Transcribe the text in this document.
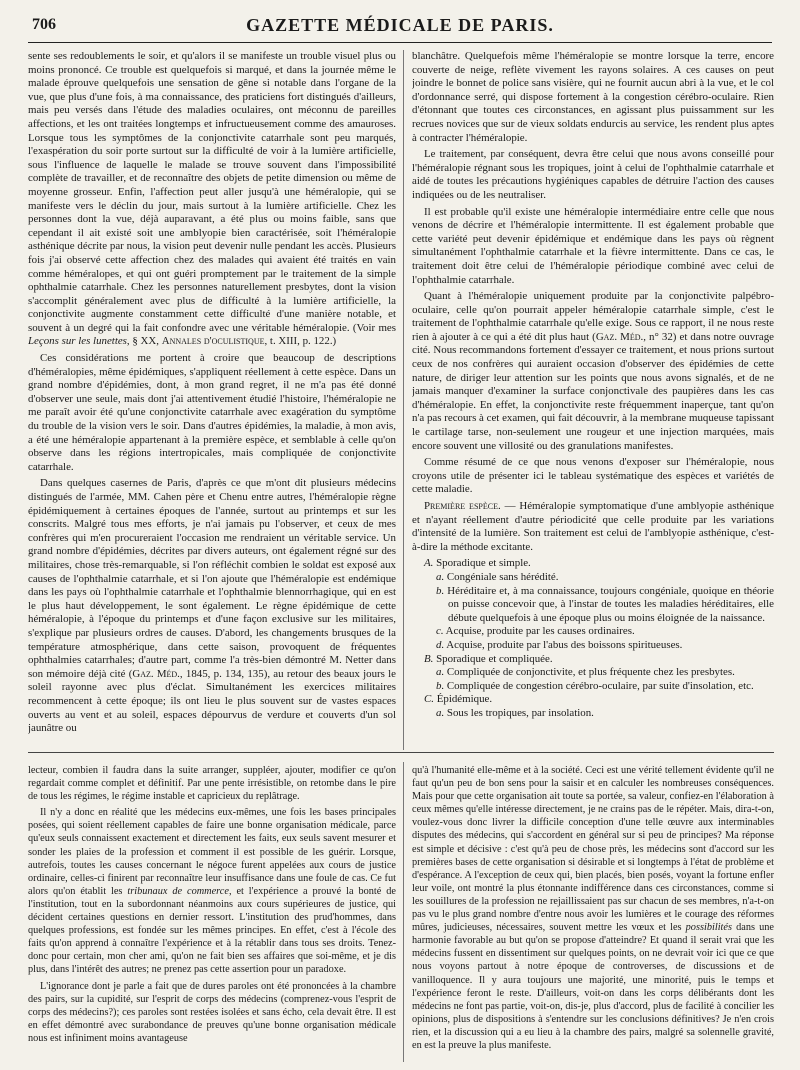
706	GAZETTE MÉDICALE DE PARIS.

sente ses redoublements le soir, et qu'alors il se manifeste un trouble visuel plus ou moins prononcé. Ce trouble est quelquefois si marqué, et dans la journée même le malade éprouve quelquefois une sensation de gêne si notable dans l'organe de la vue, que plus d'une fois, à ma connaissance, des praticiens fort distingués d'ailleurs, mais peu versés dans l'étude des maladies oculaires, ont méconnu de pareilles affections, et les ont traitées longtemps et infructueusement comme des amauroses. Lorsque tous les symptômes de la conjonctivite catarrhale sont peu marqués, l'exaspération du soir porte surtout sur la difficulté de voir à la lumière artificielle, sous l'influence de laquelle le malade se trouve souvent dans l'impossibilité complète de travailler, et de reconnaître des objets de petite dimension ou même de moyenne grosseur. Enfin, l'affection peut aller jusqu'à une héméralopie, qui se manifeste vers le déclin du jour, mais surtout à la lumière artificielle. Chez les personnes dont la vue, déjà auparavant, a été plus ou moins faible, sans que cependant il ait existé soit une amblyopie bien caractérisée, soit l'héméralopie asthénique décrite par nous, la vision peut devenir nulle pendant les accès. Plusieurs fois j'ai observé cette affection chez des malades qui avaient été traités en vain comme héméralopes, et qui ont guéri promptement par le traitement de la simple ophthalmie catarrhale. Chez les personnes naturellement presbytes, dont la vision s'accomplit généralement avec plus de difficulté à la lumière artificielle, la conjonctivite augmente constamment cette difficulté d'une manière notable, et souvent à un degré qui la fait confondre avec une véritable héméralopie. (Voir mes Leçons sur les lunettes, § XX, Annales d'oculistique, t. XIII, p. 122.)

Ces considérations me portent à croire que beaucoup de descriptions d'héméralopies, même épidémiques, s'appliquent réellement à cette espèce. Dans un grand nombre d'épidémies, dont, à mon grand regret, il ne m'a pas été donné d'observer une seule, mais dont j'ai attentivement étudié l'histoire, l'héméralopie ne me paraît avoir été qu'une conjonctivite catarrhale avec exagération du symptôme du trouble de la vision vers le soir. Dans d'autres épidémies, la maladie, à mon avis, a été une héméralopie appartenant à la première espèce, et semblable à celle qu'on observe dans les régions intertropicales, mais compliquée de conjonctivite catarrhale.

Dans quelques casernes de Paris, d'après ce que m'ont dit plusieurs médecins distingués de l'armée, MM. Cahen père et Chenu entre autres, l'héméralopie règne épidémiquement à certaines époques de l'année, surtout au printemps et sur les conscrits. Malgré tous mes efforts, je n'ai jamais pu l'observer, et ceux de mes confrères qui m'en procureraient l'occasion me rendraient un véritable service. Un grand nombre d'épidémies, décrites par divers auteurs, ont également régné sur des militaires, chose très-remarquable, si l'on réfléchit combien le soldat est exposé aux causes de l'ophthalmie catarrhale, et si l'on ajoute que l'héméralopie est endémique dans les pays où l'ophthalmie catarrhale et l'ophthalmie blennorrhagique, qui en est le plus haut développement, le sont également. Le règne épidémique de cette héméralopie, à l'époque du printemps et d'une façon exclusive sur les militaires, s'explique par plusieurs ordres de causes. D'abord, les changements brusques de la température atmosphérique, dans cette saison, provoquent de fréquentes ophthalmies catarrhales; d'autre part, comme l'a très-bien démontré M. Netter dans son mémoire déjà cité (Gaz. Méd., 1845, p. 134, 135), au retour des beaux jours le soleil rayonne avec plus d'éclat. Simultanément les exercices militaires recommencent à cette époque; ils ont lieu le plus souvent sur de vastes espaces ouverts au vent et au soleil, espaces dépourvus de verdure et couverts d'un sol jaunâtre ou

blanchâtre. Quelquefois même l'héméralopie se montre lorsque la terre, encore couverte de neige, reflète vivement les rayons solaires. A ces causes on peut joindre le bonnet de police sans visière, qui ne fournit aucun abri à la vue, et le col d'ordonnance serré, qui dispose fortement à la congestion cérébro-oculaire. Rien d'étonnant que toutes ces circonstances, en agissant plus puissamment sur les recrues novices que sur de vieux soldats endurcis au service, les rendent plus aptes à contracter l'héméralopie.

Le traitement, par conséquent, devra être celui que nous avons conseillé pour l'héméralopie régnant sous les tropiques, joint à celui de l'ophthalmie catarrhale et aidé de toutes les précautions hygiéniques capables de détruire l'action des causes indiquées ou de les neutraliser.

Il est probable qu'il existe une héméralopie intermédiaire entre celle que nous venons de décrire et l'héméralopie intermittente. Il est également probable que cette variété peut devenir épidémique et endémique dans les pays où règnent simultanément l'ophthalmie catarrhale et la fièvre intermittente. Dans ce cas, le traitement doit être celui de l'héméralopie périodique combiné avec celui de l'ophthalmie catarrhale.

Quant à l'héméralopie uniquement produite par la conjonctivite palpébro-oculaire, celle qu'on pourrait appeler héméralopie catarrhale simple, c'est le traitement de l'ophthalmie catarrhale qu'elle exige. Sous ce rapport, il ne nous reste rien à ajouter à ce qui a été dit plus haut (Gaz. Méd., n° 32) et dans notre ouvrage cité. Nous recommandons fortement d'essayer ce traitement, et nous prions surtout ceux de nos confrères qui auraient occasion d'observer des épidémies de cette nature, de diriger leur attention sur les points que nous avons signalés, et de ne jamais manquer d'examiner la surface conjonctivale des paupières dans les cas d'héméralopie. En effet, la conjonctivite reste fréquemment inaperçue, tant qu'on n'a pas recours à cet examen, qui fait découvrir, à la membrane muqueuse tapissant le cartilage tarse, non-seulement une rougeur et une injection marquées, mais encore souvent une villosité ou des granulations manifestes.

Comme résumé de ce que nous venons d'exposer sur l'héméralopie, nous croyons utile de présenter ici le tableau systématique des espèces et variétés de cette maladie.

Première espèce. — Héméralopie symptomatique d'une amblyopie asthénique et n'ayant réellement d'autre périodicité que celle produite par les variations d'intensité de la lumière. Son traitement est celui de l'amblyopie asthénique, c'est-à-dire la méthode excitante.

A. Sporadique et simple.
a. Congéniale sans hérédité.
b. Héréditaire et, à ma connaissance, toujours congéniale, quoique en théorie on puisse concevoir que, à l'instar de toutes les maladies héréditaires, elle débute quelquefois à une époque plus ou moins éloignée de la naissance.
c. Acquise, produite par les causes ordinaires.
d. Acquise, produite par l'abus des boissons spiritueuses.
B. Sporadique et compliquée.
a. Compliquée de conjonctivite, et plus fréquente chez les presbytes.
b. Compliquée de congestion cérébro-oculaire, par suite d'insolation, etc.
C. Épidémique.
a. Sous les tropiques, par insolation.

lecteur, combien il faudra dans la suite arranger, suppléer, ajouter, modifier ce qu'on regardait comme complet et définitif. Par une pente irrésistible, on retombe dans le pire de tous les régimes, le régime instable et capricieux du replâtrage.

Il n'y a donc en réalité que les médecins eux-mêmes, une fois les bases principales posées, qui soient réellement capables de faire une bonne organisation médicale, parce qu'eux seuls connaissent exactement et directement les faits, eux seuls savent mesurer et sonder les plaies de la profession et comment il est possible de les guérir. Lorsque, autrefois, toutes les causes concernant le négoce furent appelées aux cours de justice ordinaire, celles-ci finirent par reconnaître leur insuffisance dans une foule de cas. Ce fut alors qu'on établit les tribunaux de commerce, et l'expérience a prouvé la bonté de l'institution, tout en la subordonnant néanmoins aux cours supérieures de justice, qui décident certaines questions en dernier ressort. L'institution des prud'hommes, dans quelques professions, est fondée sur les mêmes principes. En effet, c'est à l'école des faits qu'on apprend à connaître l'expérience et à la rétablir dans tous ses droits. Tenez-donc pour certain, mon cher ami, qu'on ne fait bien ses affaires que soi-même, et je dis plus, dans l'intérêt des autres; ne prenez pas cette assertion pour un paradoxe.

L'ignorance dont je parle a fait que de dures paroles ont été prononcées à la chambre des pairs, sur la cupidité, sur l'esprit de corps des médecins (comprenez-vous l'esprit de corps des médecins?); ces paroles sont restées isolées et sans écho, cela devait être. Il est en effet démontré avec surabondance de preuves qu'une bonne organisation médicale nous est infiniment moins avantageuse

qu'à l'humanité elle-même et à la société. Ceci est une vérité tellement évidente qu'il ne faut qu'un peu de bon sens pour la saisir et en calculer les nombreuses conséquences. Mais pour que cette organisation ait toute sa portée, sa valeur, confiez-en l'élaboration à ceux mêmes qu'elle intéresse directement, je ne crains pas de le répéter. Mais, dira-t-on, voulez-vous donc livrer la difficile conception d'une telle œuvre aux interminables disputes des médecins, qui s'accordent en général sur si peu de principes? Ma réponse est simple et décisive : c'est qu'à peu de chose près, les médecins sont d'accord sur les premières bases de cette organisation si désirable et si longtemps à l'état de problème et d'espérance. A l'exception de ceux qui, bien placés, bien posés, voyant la fortune enfler leur voile, ont montré la plus étonnante indifférence dans ces circonstances, comme si les souillures de la profession ne rejaillissaient pas sur chacun de ses membres, n'a-t-on pas vu le plus grand nombre d'entre nous avoir les lumières et le courage des réformes mûres, judicieuses, nécessaires, souvent mettre les vœux et les possibilités dans une harmonie favorable au but qu'on se propose d'atteindre? Et quand il serait vrai que les médecins fussent en dissentiment sur quelques points, on ne devrait voir ici que ce que nous voyons partout à notre époque de controverses, de discussions et de vanilloquence. Il y aura toujours une majorité, une minorité, puis le temps et l'expérience feront le reste. D'ailleurs, voit-on dans les corps délibérants dont les médecins ne font pas partie, voit-on, dis-je, plus d'accord, plus de facilité à concilier les opinions, plus de dispositions à s'entendre sur les conclusions définitives? Je n'en crois rien, et la discussion qui a eu lieu à la chambre des pairs, malgré sa solennelle gravité, en est la preuve la plus manifeste.
